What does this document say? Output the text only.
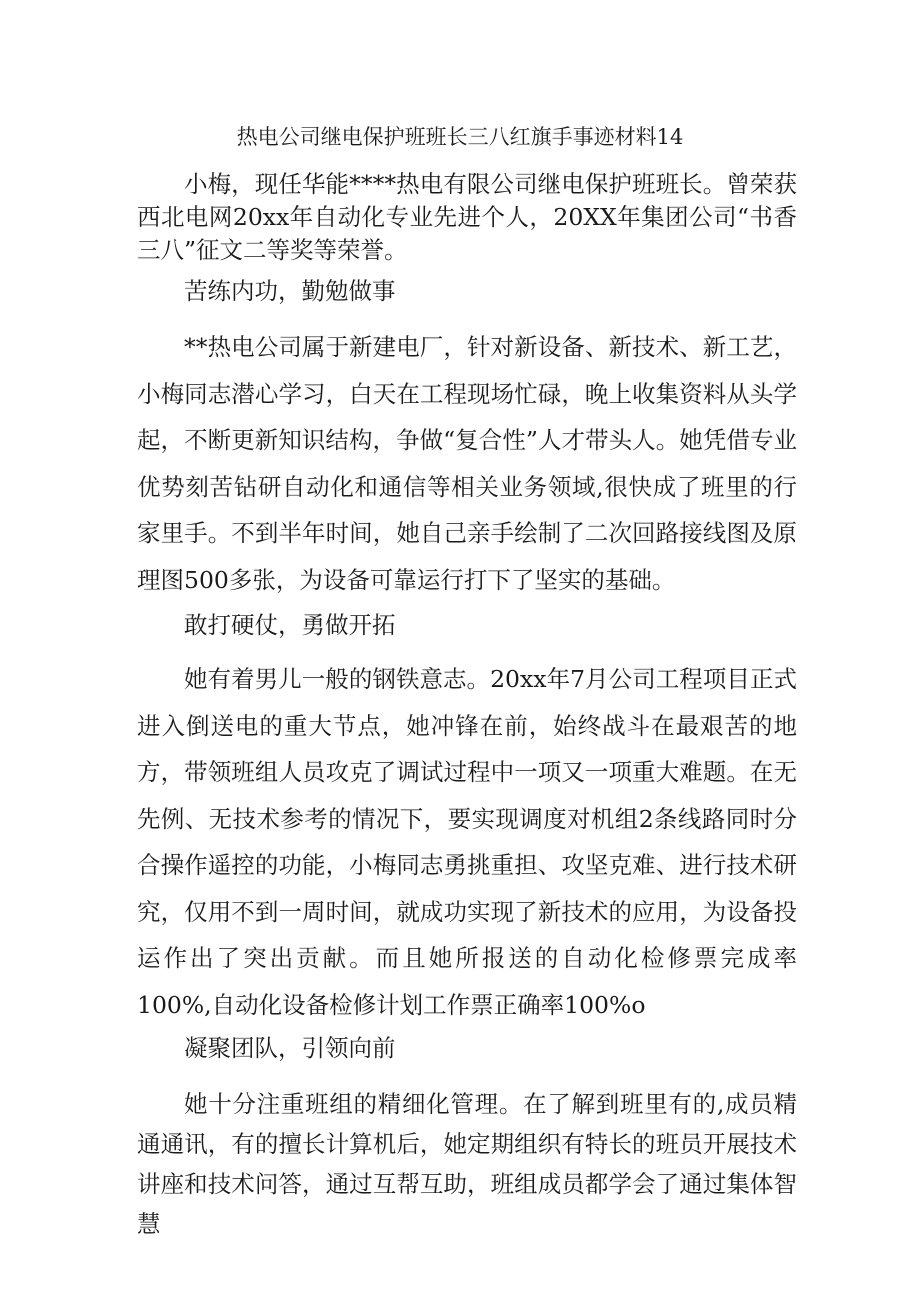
热电公司继电保护班班长三八红旗手事迹材料14

小梅，现任华能****热电有限公司继电保护班班长。曾荣获西北电网20xx年自动化专业先进个人，20XX年集团公司“书香三八”征文二等奖等荣誉。

苦练内功，勤勉做事

**热电公司属于新建电厂，针对新设备、新技术、新工艺，小梅同志潜心学习，白天在工程现场忙碌，晚上收集资料从头学起，不断更新知识结构，争做“复合性”人才带头人。她凭借专业优势刻苦钻研自动化和通信等相关业务领域,很快成了班里的行家里手。不到半年时间，她自己亲手绘制了二次回路接线图及原理图500多张，为设备可靠运行打下了坚实的基础。

敢打硬仗，勇做开拓

她有着男儿一般的钢铁意志。20xx年7月公司工程项目正式进入倒送电的重大节点，她冲锋在前，始终战斗在最艰苦的地方，带领班组人员攻克了调试过程中一项又一项重大难题。在无先例、无技术参考的情况下，要实现调度对机组2条线路同时分合操作遥控的功能，小梅同志勇挑重担、攻坚克难、进行技术研究，仅用不到一周时间，就成功实现了新技术的应用，为设备投运作出了突出贡献。而且她所报送的自动化检修票完成率100%,自动化设备检修计划工作票正确率100%o

凝聚团队，引领向前

她十分注重班组的精细化管理。在了解到班里有的,成员精通通讯，有的擅长计算机后，她定期组织有特长的班员开展技术讲座和技术问答，通过互帮互助，班组成员都学会了通过集体智慧
